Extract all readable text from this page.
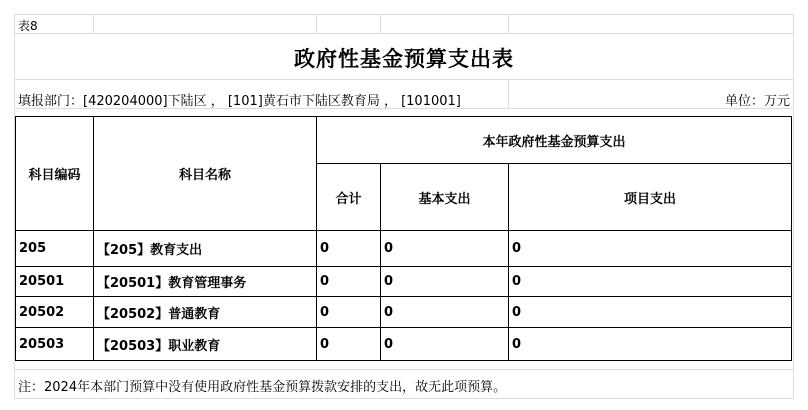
表8
政府性基金预算支出表
填报部门：[420204000]下陆区 ， [101]黄石市下陆区教育局 ， [101001]	单位：万元
科目编码	科目名称	本年政府性基金预算支出		
		合计	基本支出	项目支出
205	【205】教育支出	0	0	0
20501	【20501】教育管理事务	0	0	0
20502	【20502】普通教育	0	0	0
20503	【20503】职业教育	0	0	0
注：2024年本部门预算中没有使用政府性基金预算拨款安排的支出，故无此项预算。
